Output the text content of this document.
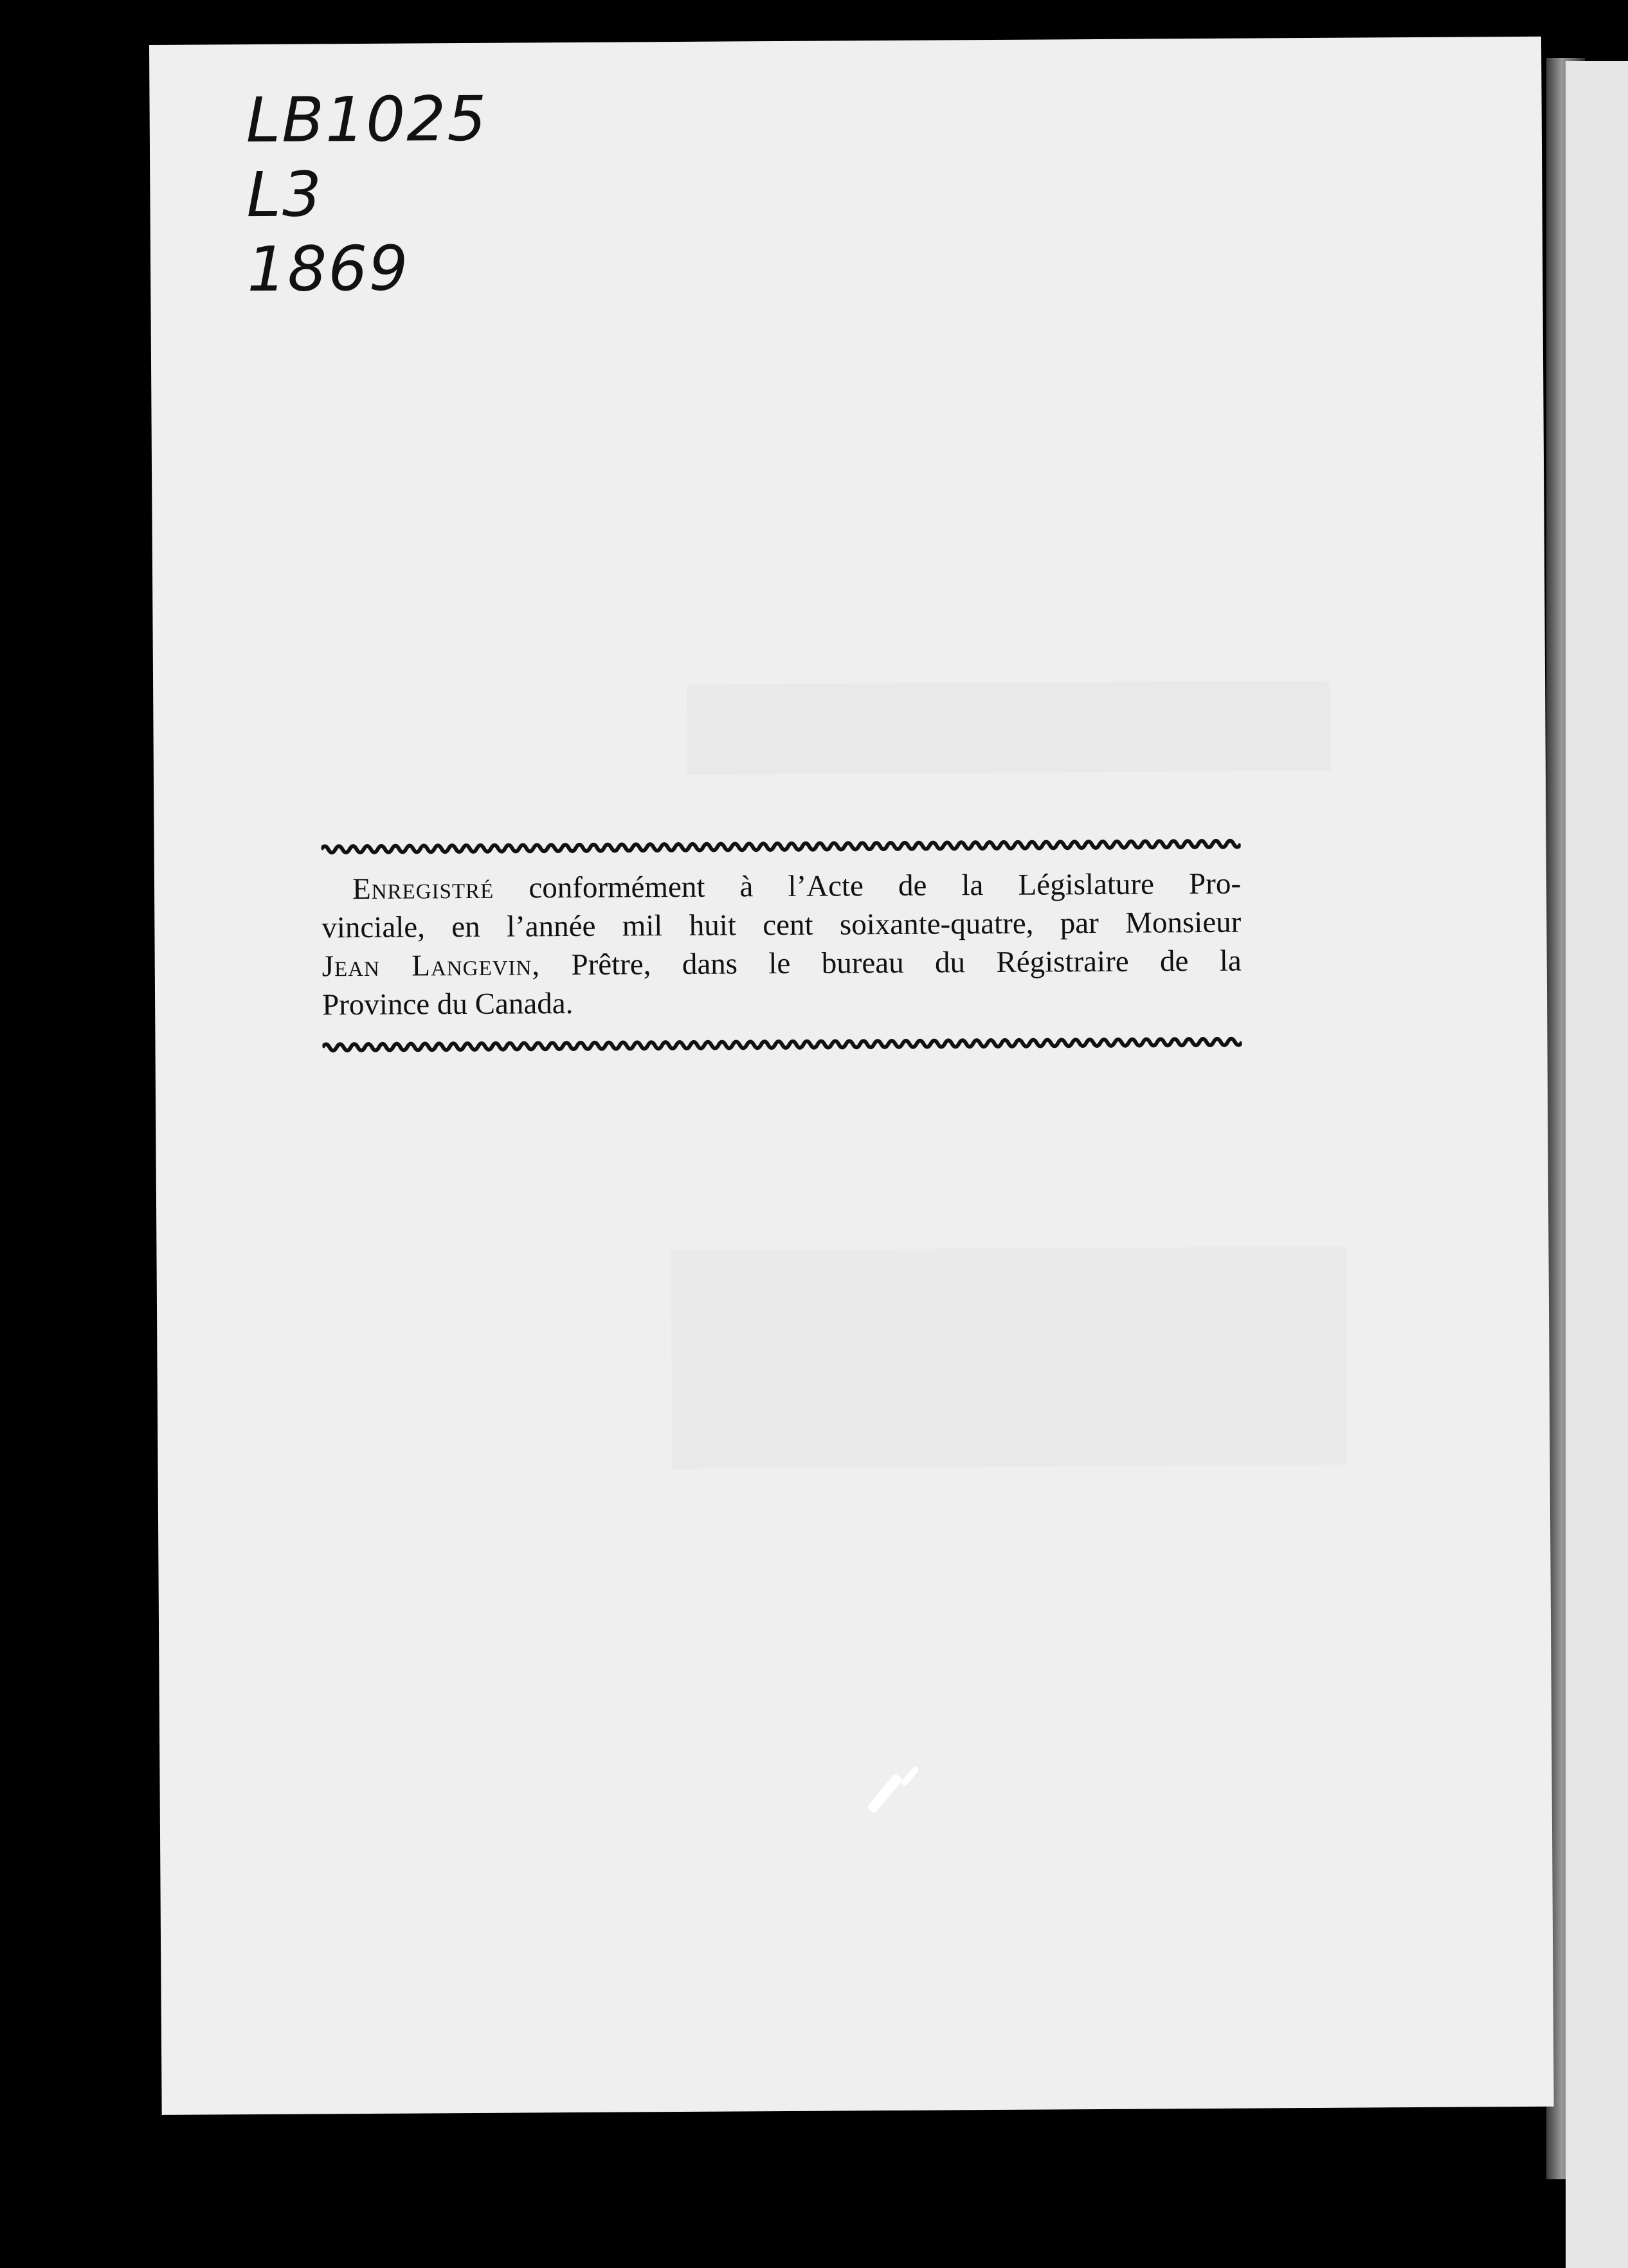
LB1025
L3
1869
Enregistré conformément à l’Acte de la Législature Pro-
vinciale, en l’année mil huit cent soixante-quatre, par Monsieur
Jean Langevin, Prêtre, dans le bureau du Régistraire de la
Province du Canada.
